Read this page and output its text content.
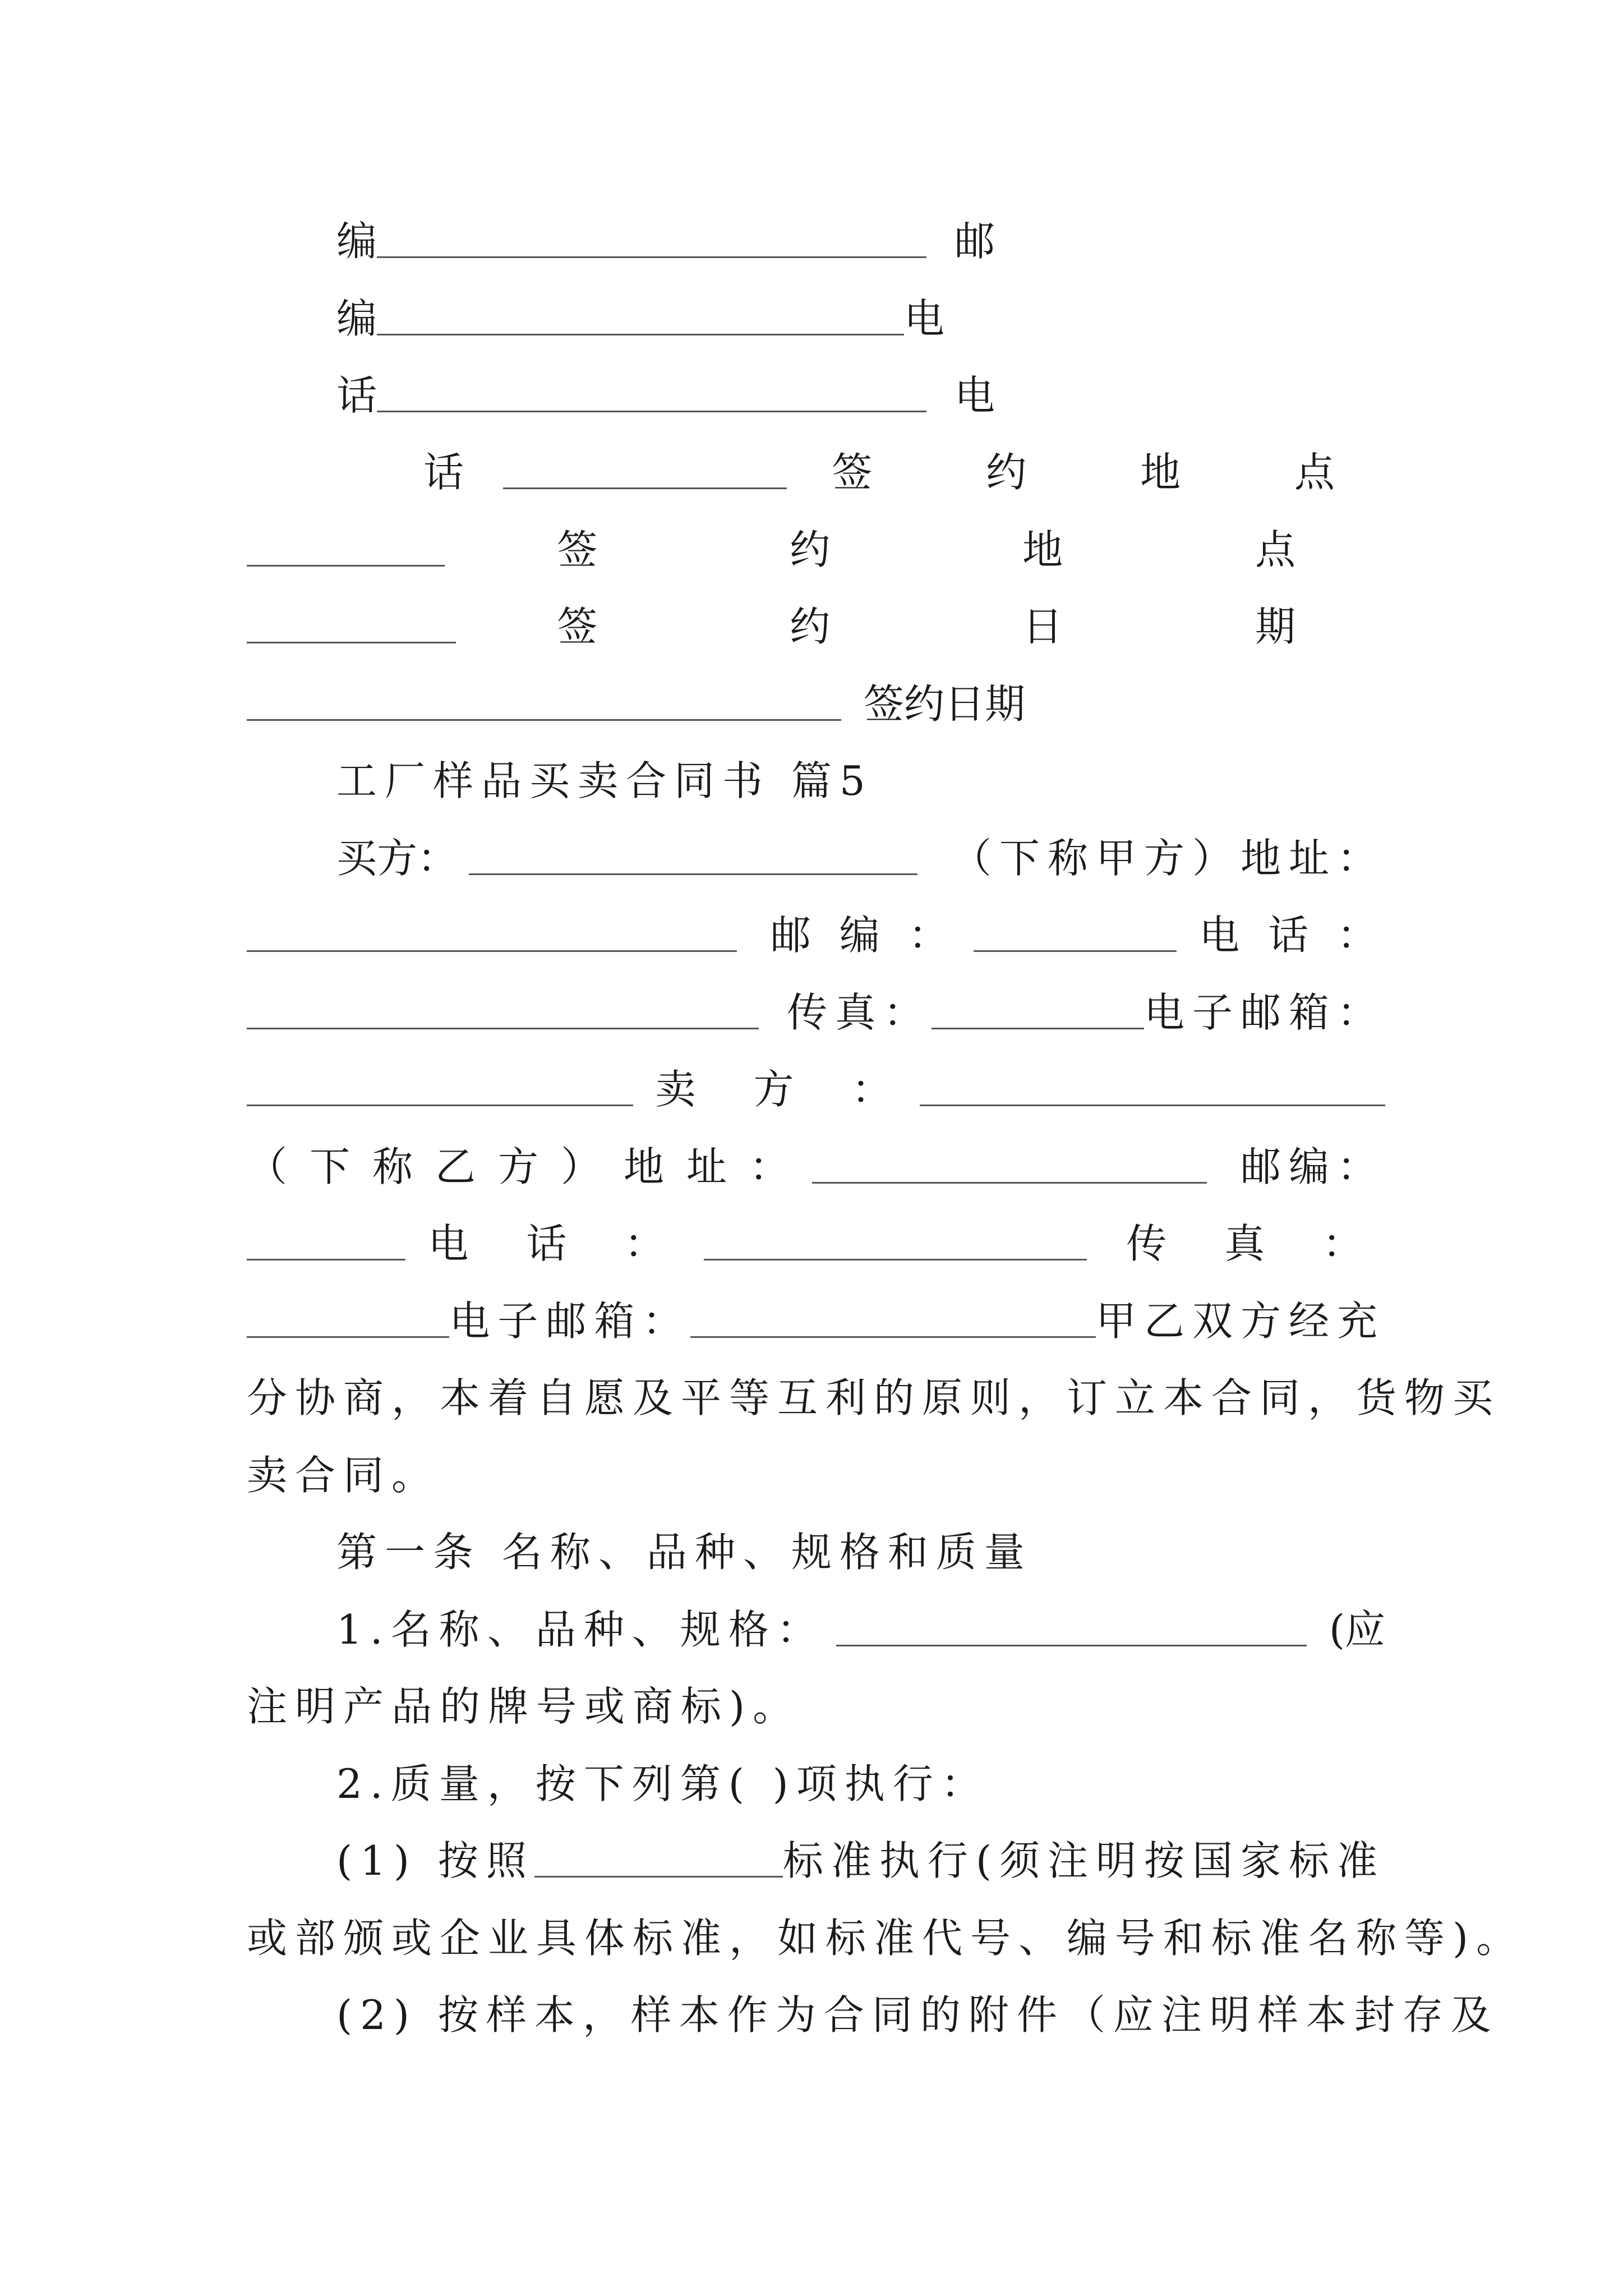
编	邮
编	电
话	电
话	签 约 地 点
签 约 地 点
签 约 日 期
签约日期
工厂样品买卖合同书 篇5
买方：	（下称甲方）地址：
邮 编 ：	电 话 ：
传真：	电子邮箱：
卖 方 ：
（下称乙方）地址：	邮编：
电 话 ：	传 真 ：
电子邮箱：	甲乙双方经充
分协商，本着自愿及平等互利的原则，订立本合同，货物买
卖合同。
第一条 名称、品种、规格和质量
1.名称、品种、规格：	(应
注明产品的牌号或商标)。
2.质量，按下列第( )项执行：
(1) 按照	标准执行(须注明按国家标准
或部颁或企业具体标准，如标准代号、编号和标准名称等)。
(2) 按样本，样本作为合同的附件（应注明样本封存及
